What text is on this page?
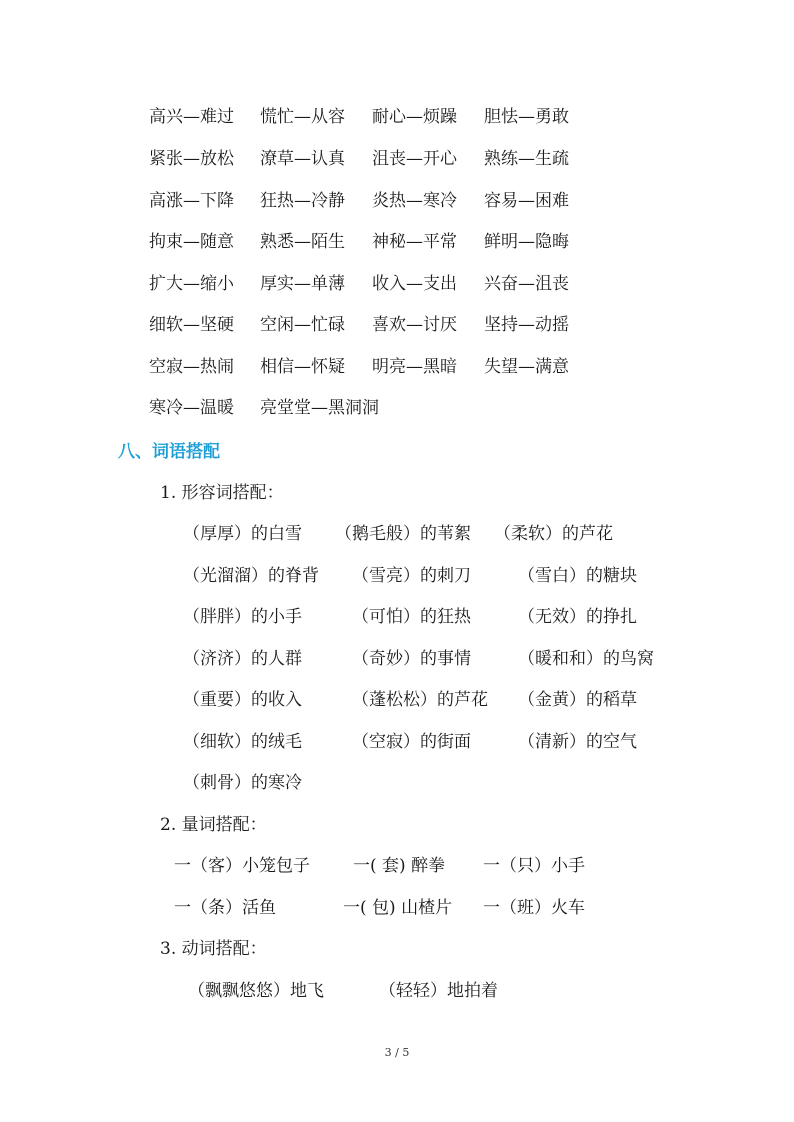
高兴—难过 慌忙—从容 耐心—烦躁 胆怯—勇敢
紧张—放松 潦草—认真 沮丧—开心 熟练—生疏
高涨—下降 狂热—冷静 炎热—寒冷 容易—困难
拘束—随意 熟悉—陌生 神秘—平常 鲜明—隐晦
扩大—缩小 厚实—单薄 收入—支出 兴奋—沮丧
细软—坚硬 空闲—忙碌 喜欢—讨厌 坚持—动摇
空寂—热闹 相信—怀疑 明亮—黑暗 失望—满意
寒冷—温暖 亮堂堂—黑洞洞
八、词语搭配
1. 形容词搭配：
（厚厚）的白雪 （鹅毛般）的苇絮 （柔软）的芦花
（光溜溜）的脊背 （雪亮）的刺刀	（雪白）的糖块
（胖胖）的小手	（可怕）的狂热	（无效）的挣扎
（济济）的人群	（奇妙）的事情	（暖和和）的鸟窝
（重要）的收入	（蓬松松）的芦花 （金黄）的稻草
（细软）的绒毛	（空寂）的街面	（清新）的空气
（刺骨）的寒冷
2. 量词搭配：
一（客）小笼包子	一( 套) 醉拳 一（只）小手
一（条）活鱼	一( 包) 山楂片 一（班）火车
3. 动词搭配：
（飘飘悠悠）地飞	（轻轻）地拍着
3 / 5
